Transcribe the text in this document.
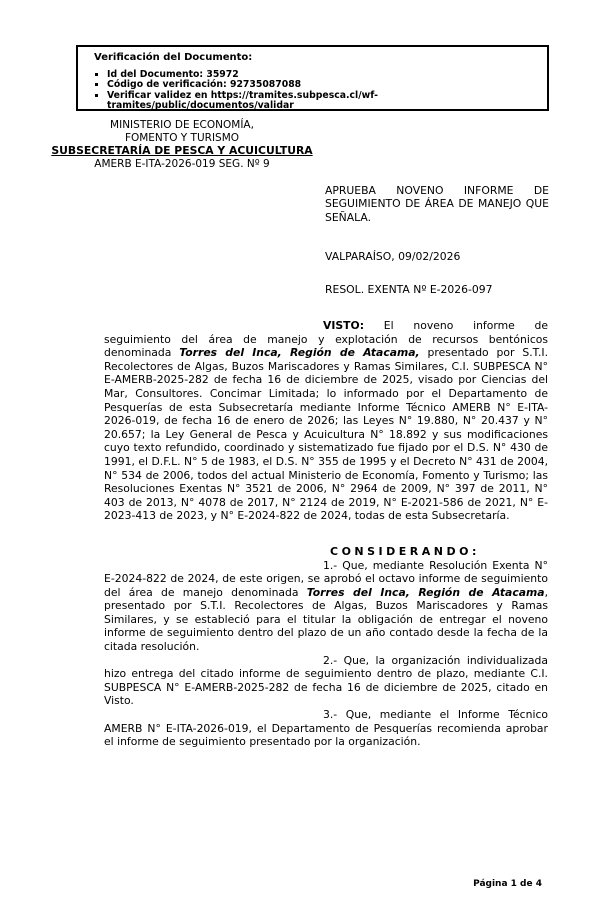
Verificación del Documento:
▪ Id del Documento: 35972
▪ Código de verificación: 92735087088
▪ Verificar validez en https://tramites.subpesca.cl/wf-tramites/public/documentos/validar
MINISTERIO DE ECONOMÍA,
FOMENTO Y TURISMO
SUBSECRETARÍA DE PESCA Y ACUICULTURA
AMERB E-ITA-2026-019 SEG. Nº 9
APRUEBA NOVENO INFORME DE SEGUIMIENTO DE ÁREA DE MANEJO QUE SEÑALA.
VALPARAÍSO, 09/02/2026
RESOL. EXENTA Nº E-2026-097

VISTO: El noveno informe de seguimiento del área de manejo y explotación de recursos bentónicos denominada Torres del Inca, Región de Atacama, presentado por S.T.I. Recolectores de Algas, Buzos Mariscadores y Ramas Similares, C.I. SUBPESCA N° E-AMERB-2025-282 de fecha 16 de diciembre de 2025, visado por Ciencias del Mar, Consultores. Concimar Limitada; lo informado por el Departamento de Pesquerías de esta Subsecretaría mediante Informe Técnico AMERB N° E-ITA-2026-019, de fecha 16 de enero de 2026; las Leyes N° 19.880, N° 20.437 y N° 20.657; la Ley General de Pesca y Acuicultura N° 18.892 y sus modificaciones cuyo texto refundido, coordinado y sistematizado fue fijado por el D.S. N° 430 de 1991, el D.F.L. N° 5 de 1983, el D.S. N° 355 de 1995 y el Decreto N° 431 de 2004, N° 534 de 2006, todos del actual Ministerio de Economía, Fomento y Turismo; las Resoluciones Exentas N° 3521 de 2006, N° 2964 de 2009, N° 397 de 2011, N° 403 de 2013, N° 4078 de 2017, N° 2124 de 2019, N° E-2021-586 de 2021, N° E-2023-413 de 2023, y N° E-2024-822 de 2024, todas de esta Subsecretaría.

CONSIDERANDO:

1.- Que, mediante Resolución Exenta N° E-2024-822 de 2024, de este origen, se aprobó el octavo informe de seguimiento del área de manejo denominada Torres del Inca, Región de Atacama, presentado por S.T.I. Recolectores de Algas, Buzos Mariscadores y Ramas Similares, y se estableció para el titular la obligación de entregar el noveno informe de seguimiento dentro del plazo de un año contado desde la fecha de la citada resolución.

2.- Que, la organización individualizada hizo entrega del citado informe de seguimiento dentro de plazo, mediante C.I. SUBPESCA N° E-AMERB-2025-282 de fecha 16 de diciembre de 2025, citado en Visto.

3.- Que, mediante el Informe Técnico AMERB N° E-ITA-2026-019, el Departamento de Pesquerías recomienda aprobar el informe de seguimiento presentado por la organización.

Página 1 de 4
